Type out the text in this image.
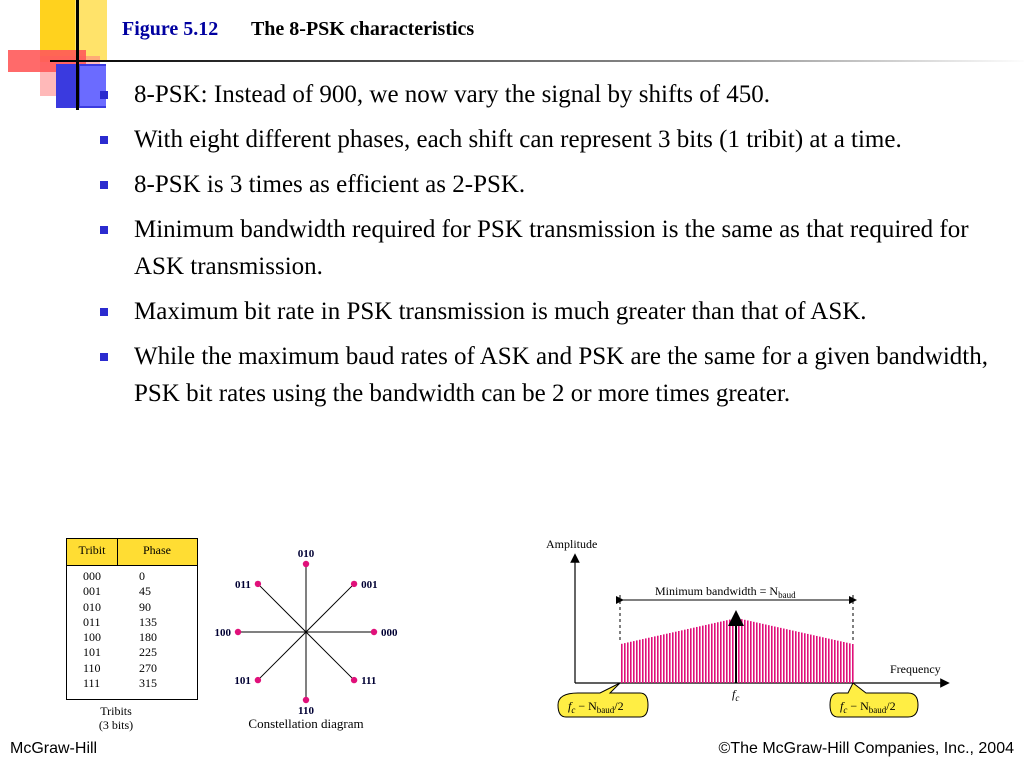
Figure 5.12 The 8-PSK characteristics
8-PSK: Instead of 900, we now vary the signal by shifts of 450.
With eight different phases, each shift can represent 3 bits (1 tribit) at a time.
8-PSK is 3 times as efficient as 2-PSK.
Minimum bandwidth required for PSK transmission is the same as that required for ASK transmission.
Maximum bit rate in PSK transmission is much greater than that of ASK.
While the maximum baud rates of ASK and PSK are the same for a given bandwidth, PSK bit rates using the bandwidth can be 2 or more times greater.
Tribit	Phase
000	0
001	45
010	90
011	135
100	180
101	225
110	270
111	315
Tribits
(3 bits)
000
001
010
011
100
101
110
111
Constellation diagram
Amplitude
Frequency
Minimum bandwidth = $N_{baud}$
$f_c$
$f_c - N_{baud}/2$	$f_c - N_{baud}/2$
McGraw-Hill	©The McGraw-Hill Companies, Inc., 2004
